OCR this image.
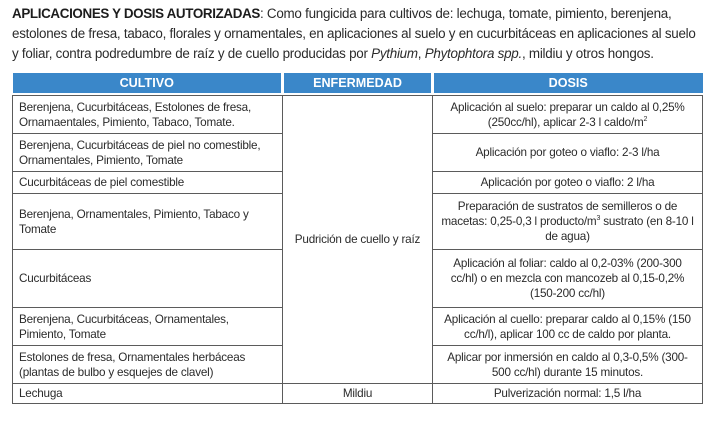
APLICACIONES Y DOSIS AUTORIZADAS: Como fungicida para cultivos de: lechuga, tomate, pimiento, berenjena, estolones de fresa, tabaco, florales y ornamentales, en aplicaciones al suelo y en cucurbitáceas en aplicaciones al suelo y foliar, contra podredumbre de raíz y de cuello producidas por Pythium, Phytophtora spp., mildiu y otros hongos.

CULTIVO	ENFERMEDAD	DOSIS

Berenjena, Cucurbitáceas, Estolones de fresa, Ornamaentales, Pimiento, Tabaco, Tomate.	Pudrición de cuello y raíz	Aplicación al suelo: preparar un caldo al 0,25% (250cc/hl), aplicar 2-3 l caldo/$m^2$
Berenjena, Cucurbitáceas de piel no comestible, Ornamentales, Pimiento, Tomate		Aplicación por goteo o viaflo: 2-3 l/ha
Cucurbitáceas de piel comestible		Aplicación por goteo o viaflo: 2 l/ha
Berenjena, Ornamentales, Pimiento, Tabaco y Tomate		Preparación de sustratos de semilleros o de macetas: 0,25-0,3 l producto/$m^3$ sustrato (en 8-10 l de agua)
Cucurbitáceas		Aplicación al foliar: caldo al 0,2-03% (200-300 cc/hl) o en mezcla con mancozeb al 0,15-0,2% (150-200 cc/hl)
Berenjena, Cucurbitáceas, Ornamentales, Pimiento, Tomate		Aplicación al cuello: preparar caldo al 0,15% (150 cc/h/l), aplicar 100 cc de caldo por planta.
Estolones de fresa, Ornamentales herbáceas (plantas de bulbo y esquejes de clavel)		Aplicar por inmersión en caldo al 0,3-0,5% (300-500 cc/hl) durante 15 minutos.
Lechuga	Mildiu	Pulverización normal: 1,5 l/ha
